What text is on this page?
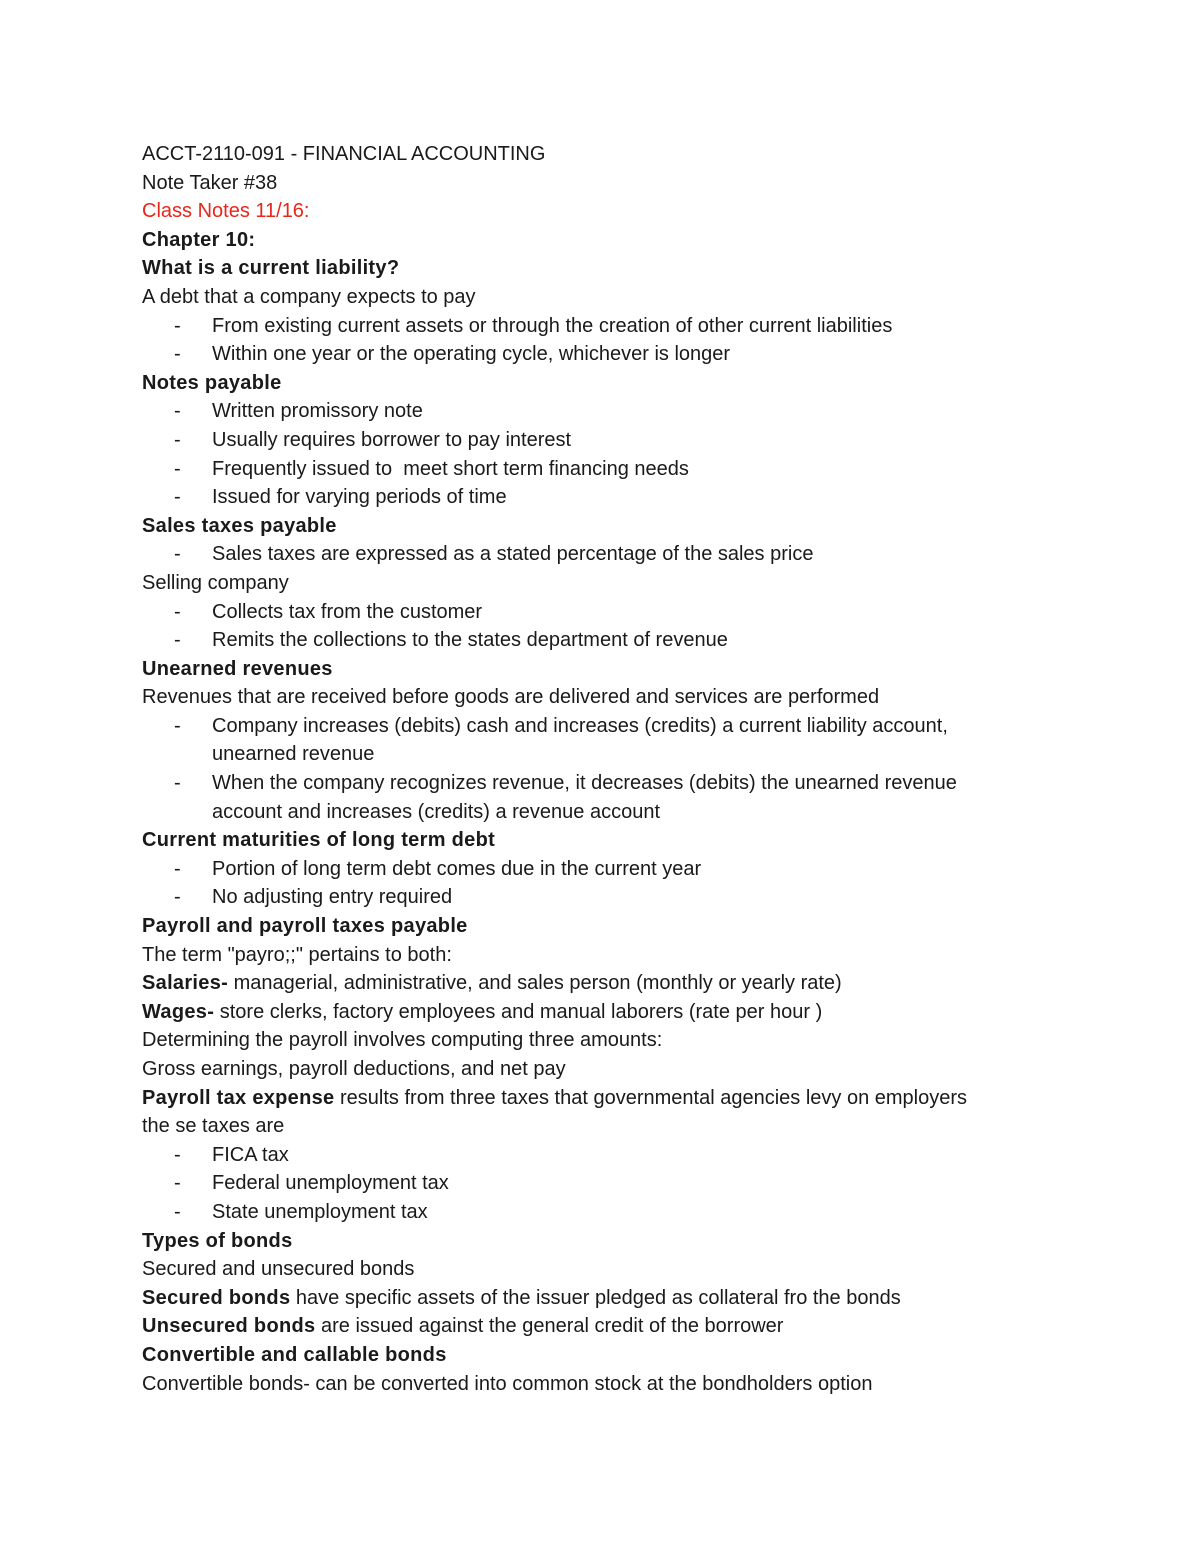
ACCT-2110-091 - FINANCIAL ACCOUNTING
Note Taker #38
Class Notes 11/16:
Chapter 10:
What is a current liability?
A debt that a company expects to pay
- From existing current assets or through the creation of other current liabilities
- Within one year or the operating cycle, whichever is longer
Notes payable
- Written promissory note
- Usually requires borrower to pay interest
- Frequently issued to  meet short term financing needs
- Issued for varying periods of time
Sales taxes payable
- Sales taxes are expressed as a stated percentage of the sales price
Selling company
- Collects tax from the customer
- Remits the collections to the states department of revenue
Unearned revenues
Revenues that are received before goods are delivered and services are performed
- Company increases (debits) cash and increases (credits) a current liability account,
unearned revenue
- When the company recognizes revenue, it decreases (debits) the unearned revenue
account and increases (credits) a revenue account
Current maturities of long term debt
- Portion of long term debt comes due in the current year
- No adjusting entry required
Payroll and payroll taxes payable
The term "payro;;" pertains to both:
Salaries- managerial, administrative, and sales person (monthly or yearly rate)
Wages- store clerks, factory employees and manual laborers (rate per hour )
Determining the payroll involves computing three amounts:
Gross earnings, payroll deductions, and net pay
Payroll tax expense results from three taxes that governmental agencies levy on employers
the se taxes are
- FICA tax
- Federal unemployment tax
- State unemployment tax
Types of bonds
Secured and unsecured bonds
Secured bonds have specific assets of the issuer pledged as collateral fro the bonds
Unsecured bonds are issued against the general credit of the borrower
Convertible and callable bonds
Convertible bonds- can be converted into common stock at the bondholders option
